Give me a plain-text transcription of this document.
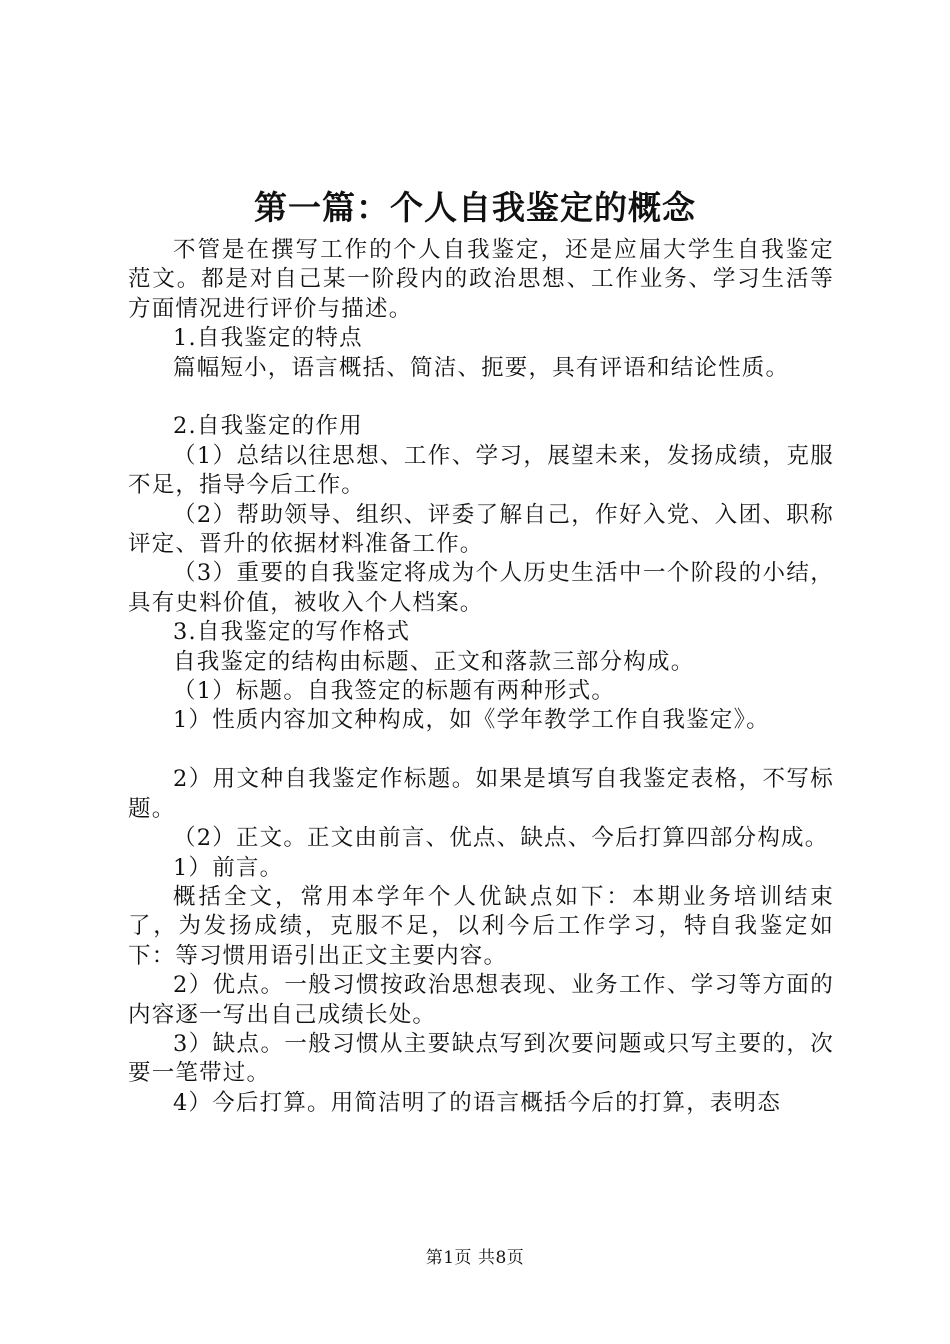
第一篇：个人自我鉴定的概念

不管是在撰写工作的个人自我鉴定，还是应届大学生自我鉴定范文。都是对自己某一阶段内的政治思想、工作业务、学习生活等方面情况进行评价与描述。

1.自我鉴定的特点

篇幅短小，语言概括、简洁、扼要，具有评语和结论性质。

2.自我鉴定的作用

（1）总结以往思想、工作、学习，展望未来，发扬成绩，克服不足，指导今后工作。

（2）帮助领导、组织、评委了解自己，作好入党、入团、职称评定、晋升的依据材料准备工作。

（3）重要的自我鉴定将成为个人历史生活中一个阶段的小结，具有史料价值，被收入个人档案。

3.自我鉴定的写作格式

自我鉴定的结构由标题、正文和落款三部分构成。

（1）标题。自我签定的标题有两种形式。

1）性质内容加文种构成，如《学年教学工作自我鉴定》。

2）用文种自我鉴定作标题。如果是填写自我鉴定表格，不写标题。

（2）正文。正文由前言、优点、缺点、今后打算四部分构成。

1）前言。

概括全文，常用本学年个人优缺点如下：本期业务培训结束了，为发扬成绩，克服不足，以利今后工作学习，特自我鉴定如下：等习惯用语引出正文主要内容。

2）优点。一般习惯按政治思想表现、业务工作、学习等方面的内容逐一写出自己成绩长处。

3）缺点。一般习惯从主要缺点写到次要问题或只写主要的，次要一笔带过。

4）今后打算。用简洁明了的语言概括今后的打算，表明态

第1页 共8页
